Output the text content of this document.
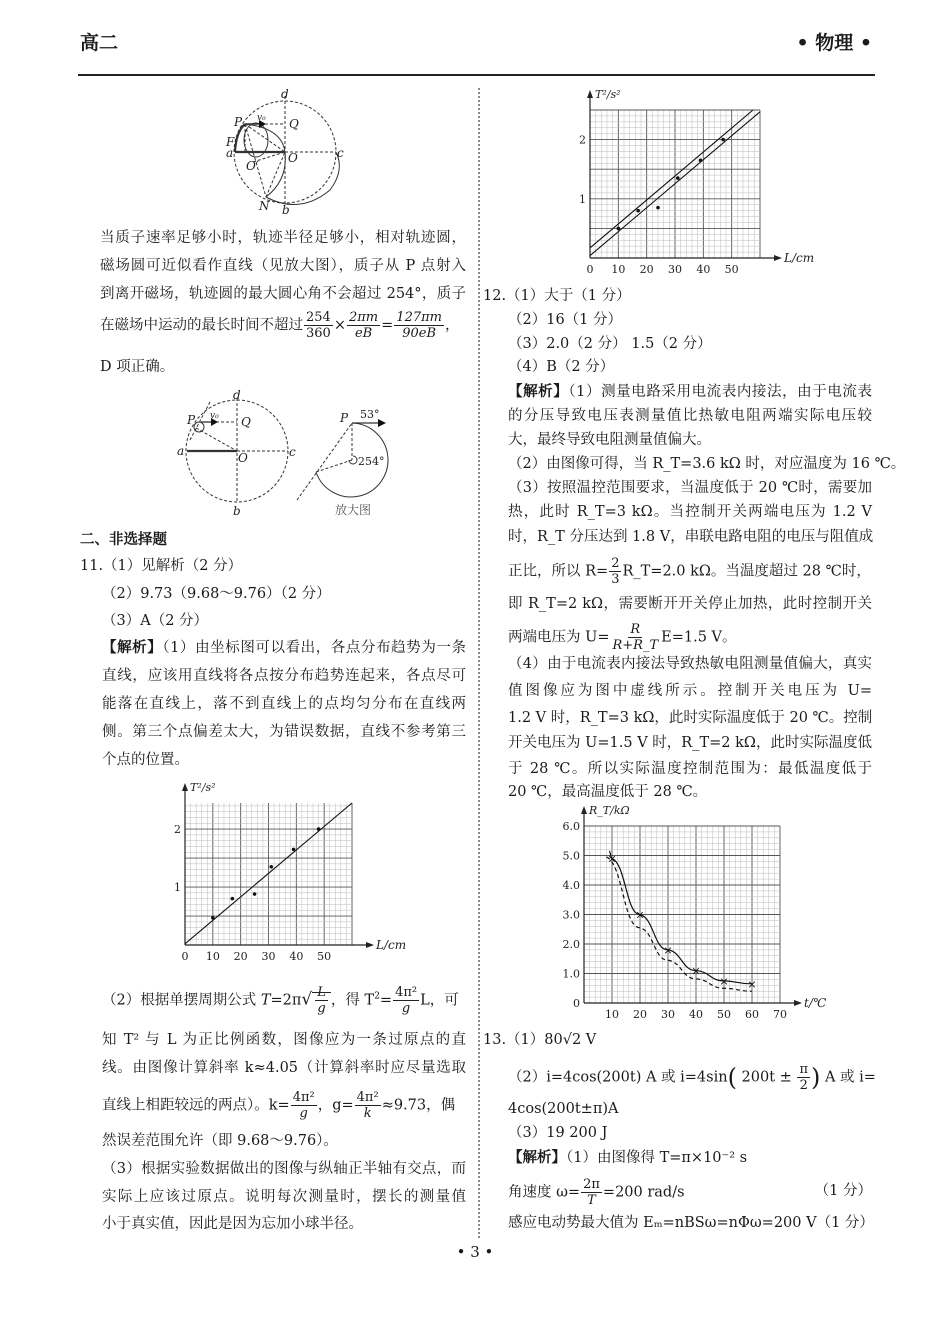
高二	• 物理 •
d
P v₀ Q
F
a
O′
O	c
N b
当质子速率足够小时，轨迹半径足够小，相对轨迹圆，
磁场圆可近似看作直线（见放大图），质子从 P 点射入
到离开磁场，轨迹圆的最大圆心角不会超过 254°，质子
在磁场中运动的最长时间不超过 $\frac{254}{360} \times \frac{2\pi m}{eB} = \frac{127\pi m}{90eB}$ ，
D 项正确。
d
P v₀ Q
a	O	c
b
P 53°
254°
放大图
二、非选择题
11.（1）见解析（2 分）
（2）9.73（9.68～9.76）（2 分）
（3）A（2 分）
【解析】（1）由坐标图可以看出，各点分布趋势为一条
直线，应该用直线将各点按分布趋势连起来，各点尽可
能落在直线上，落不到直线上的点均匀分布在直线两
侧。第三个点偏差太大，为错误数据，直线不参考第三
个点的位置。
L/cm
T²/s²
0 10 20 30 40 50
1
2
（2）根据单摆周期公式 $T=2\pi√ \frac{L}{g}$ ，得 $T^2= \frac{\text{4π²}}{g}$ L，可
知 T² 与 L 为正比例函数，图像应为一条过原点的直
线。由图像计算斜率 k≈4.05（计算斜率时应尽量选取
直线上相距较远的两点）。$k= \frac{\text{4π²}}{g}$ ，$g= \frac{\text{4π²}}{k} \approx 9.73$，偶
然误差范围允许（即 9.68～9.76）。
（3）根据实验数据做出的图像与纵轴正半轴有交点，而
实际上应该过原点。说明每次测量时，摆长的测量值
小于真实值，因此是因为忘加小球半径。
L/cm
T²/s²
0 10 20 30 40 50
1
2
12.（1）大于（1 分）
（2）16（1 分）
（3）2.0（2 分） 1.5（2 分）
（4）B（2 分）
【解析】（1）测量电路采用电流表内接法，由于电流表
的分压导致电压表测量值比热敏电阻两端实际电压较
大，最终导致电阻测量值偏大。
（2）由图像可得，当 R_T=3.6 kΩ 时，对应温度为 16 ℃。
（3）按照温控范围要求，当温度低于 20 ℃时，需要加
热，此时 R_T=3 kΩ。当控制开关两端电压为 1.2 V
时，R_T 分压达到 1.8 V，串联电路电阻的电压与阻值成
正比，所以 $R= \frac{2}{3}$ R_T=2.0 kΩ。当温度超过 28 ℃时，
即 R_T=2 kΩ，需要断开开关停止加热，此时控制开关
两端电压为 $U= \frac{R}{R+R\_T} E=1.5$ V。
（4）由于电流表内接法导致热敏电阻测量值偏大，真实
值图像应为图中虚线所示。控制开关电压为 U=
1.2 V 时，R_T=3 kΩ，此时实际温度低于 20 ℃。控制
开关电压为 U=1.5 V 时，R_T=2 kΩ，此时实际温度低
于 28 ℃。所以实际温度控制范围为：最低温度低于
20 ℃，最高温度低于 28 ℃。
t/℃
R_T/kΩ
10 20 30 40 50 60 70
0
1.0
2.0
3.0
4.0
5.0
6.0
×
×
×
×
× ×
13.（1）80√2 V
（2）i=4cos(200t) A 或 i=4sin( $200t \pm \frac{\pi}{2}$ ) A 或 i=
4cos(200t±π)A
（3）19 200 J
【解析】（1）由图像得 T=π×10⁻² s
角速度 $\omega= \frac{2\pi}{T} =200$ rad/s	（1 分）
感应电动势最大值为 Eₘ=nBSω=nΦω=200 V（1 分）
• 3 •
